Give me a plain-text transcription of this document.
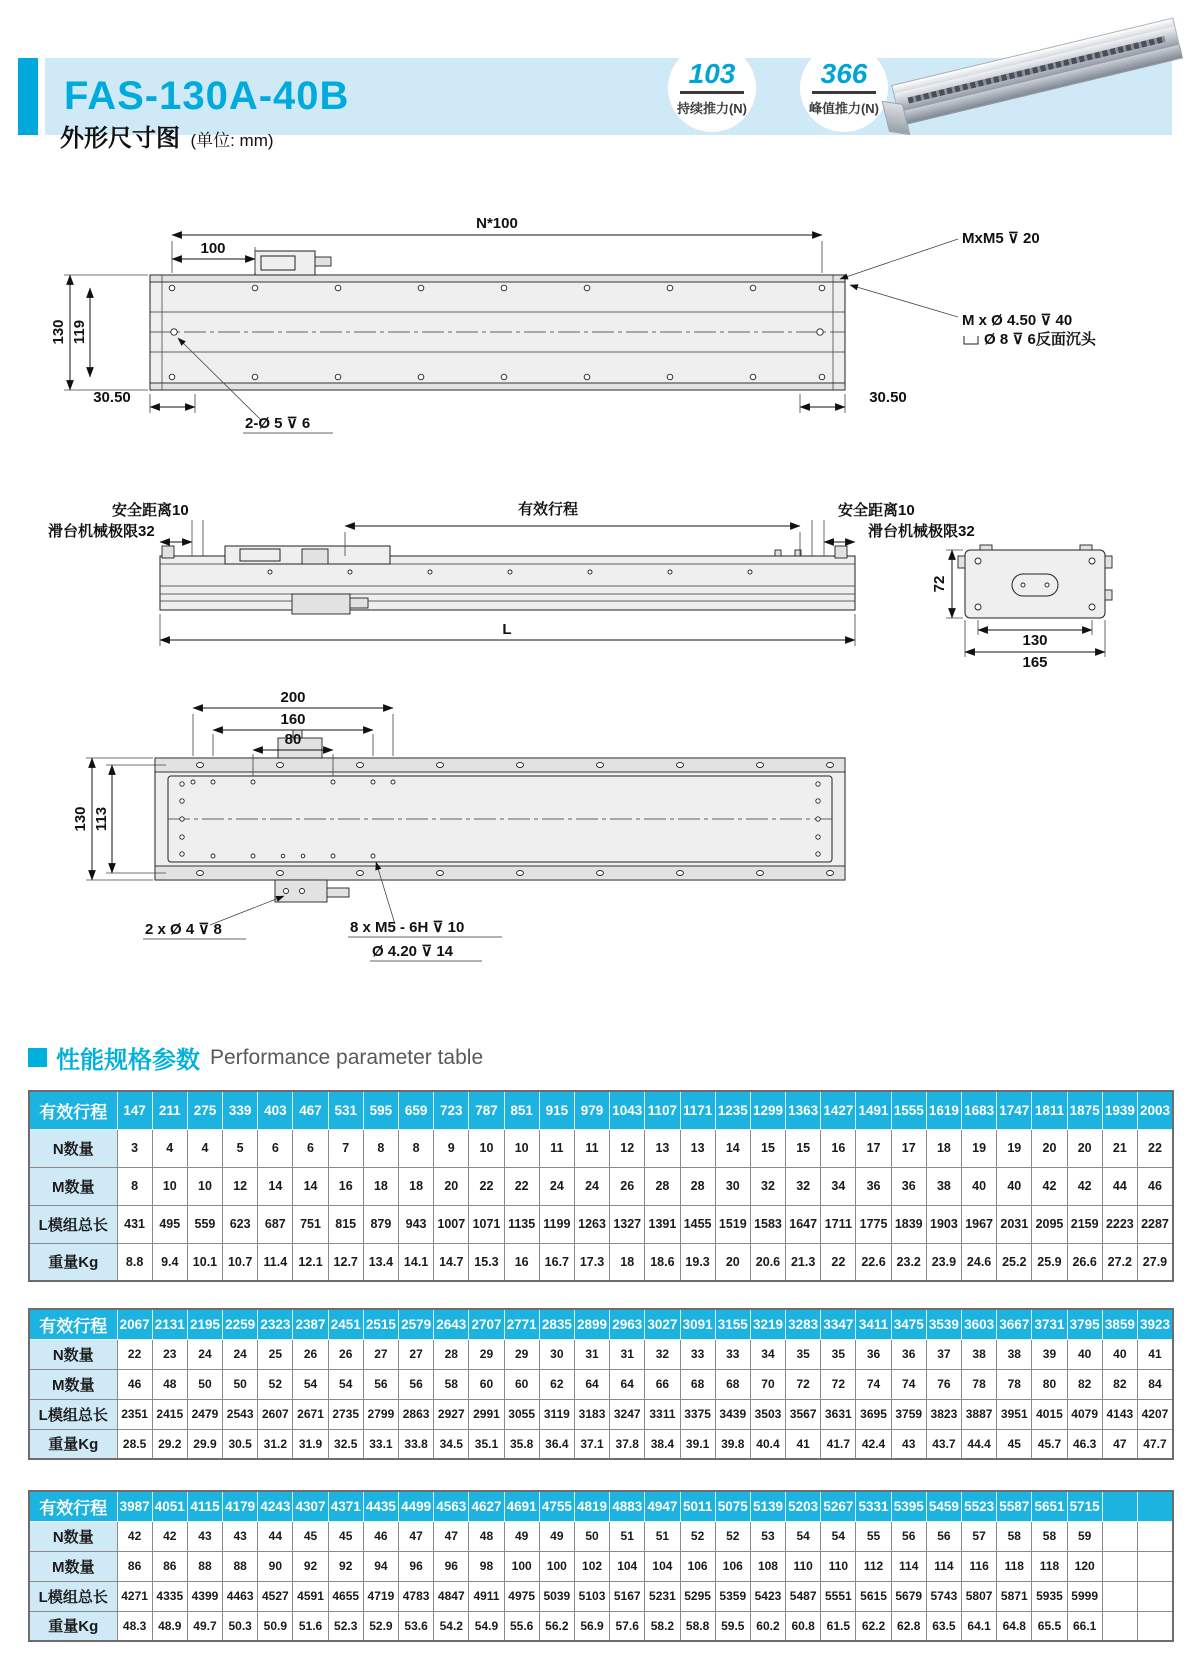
FAS-130A-40B
103
持续推力(N)
366
峰值推力(N)
外形尺寸图 (单位: mm)
N*100
100
130 119
30.50	30.50
MxM5 ⊽ 20
M x Ø 4.50 ⊽ 40
Ø 8 ⊽ 6反面沉头
2-Ø 5 ⊽ 6
有效行程
安全距离10	安全距离10
滑台机械极限32	滑台机械极限32
L
72
130
165
200
160
80
130 113
2 x Ø 4 ⊽ 8	8 x M5 - 6H ⊽ 10
Ø 4.20 ⊽ 14
性能规格参数 Performance parameter table
有效行程	147	211	275	339	403	467	531	595	659	723	787	851	915	979	1043	1107	1171	1235	1299	1363	1427	1491	1555	1619	1683	1747	1811	1875	1939	2003
N数量	3	4	4	5	6	6	7	8	8	9	10	10	11	11	12	13	13	14	15	15	16	17	17	18	19	19	20	20	21	22
M数量	8	10	10	12	14	14	16	18	18	20	22	22	24	24	26	28	28	30	32	32	34	36	36	38	40	40	42	42	44	46
L模组总长	431	495	559	623	687	751	815	879	943	1007	1071	1135	1199	1263	1327	1391	1455	1519	1583	1647	1711	1775	1839	1903	1967	2031	2095	2159	2223	2287
重量Kg	8.8	9.4	10.1	10.7	11.4	12.1	12.7	13.4	14.1	14.7	15.3	16	16.7	17.3	18	18.6	19.3	20	20.6	21.3	22	22.6	23.2	23.9	24.6	25.2	25.9	26.6	27.2	27.9
有效行程	2067	2131	2195	2259	2323	2387	2451	2515	2579	2643	2707	2771	2835	2899	2963	3027	3091	3155	3219	3283	3347	3411	3475	3539	3603	3667	3731	3795	3859	3923
N数量	22	23	24	24	25	26	26	27	27	28	29	29	30	31	31	32	33	33	34	35	35	36	36	37	38	38	39	40	40	41
M数量	46	48	50	50	52	54	54	56	56	58	60	60	62	64	64	66	68	68	70	72	72	74	74	76	78	78	80	82	82	84
L模组总长	2351	2415	2479	2543	2607	2671	2735	2799	2863	2927	2991	3055	3119	3183	3247	3311	3375	3439	3503	3567	3631	3695	3759	3823	3887	3951	4015	4079	4143	4207
重量Kg	28.5	29.2	29.9	30.5	31.2	31.9	32.5	33.1	33.8	34.5	35.1	35.8	36.4	37.1	37.8	38.4	39.1	39.8	40.4	41	41.7	42.4	43	43.7	44.4	45	45.7	46.3	47	47.7
有效行程	3987	4051	4115	4179	4243	4307	4371	4435	4499	4563	4627	4691	4755	4819	4883	4947	5011	5075	5139	5203	5267	5331	5395	5459	5523	5587	5651	5715		
N数量	42	42	43	43	44	45	45	46	47	47	48	49	49	50	51	51	52	52	53	54	54	55	56	56	57	58	58	59		
M数量	86	86	88	88	90	92	92	94	96	96	98	100	100	102	104	104	106	106	108	110	110	112	114	114	116	118	118	120		
L模组总长	4271	4335	4399	4463	4527	4591	4655	4719	4783	4847	4911	4975	5039	5103	5167	5231	5295	5359	5423	5487	5551	5615	5679	5743	5807	5871	5935	5999		
重量Kg	48.3	48.9	49.7	50.3	50.9	51.6	52.3	52.9	53.6	54.2	54.9	55.6	56.2	56.9	57.6	58.2	58.8	59.5	60.2	60.8	61.5	62.2	62.8	63.5	64.1	64.8	65.5	66.1		
